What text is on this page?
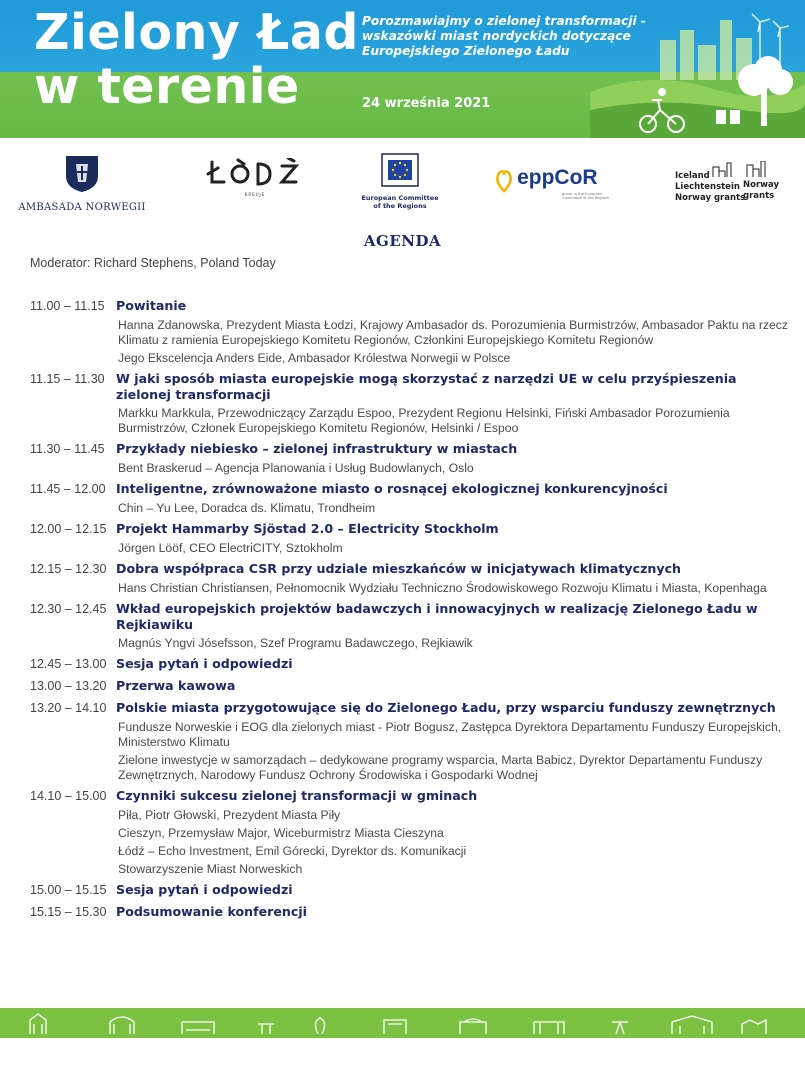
Zielony Ład
w terenie
Porozmawiajmy o zielonej transformacji -
wskazówki miast nordyckich dotyczące
Europejskiego Zielonego Ładu
24 września 2021
AMBASADA NORWEGII
KREUJE	European Committee
of the Regions
eppCoR
group in the European Committee of the Regions
Iceland
Liechtenstein
Norway grants
Norway
grants
AGENDA
Moderator: Richard Stephens, Poland Today
11.00 – 11.15 Powitanie
Hanna Zdanowska, Prezydent Miasta Łodzi, Krajowy Ambasador ds. Porozumienia Burmistrzów, Ambasador Paktu na rzecz Klimatu z ramienia Europejskiego Komitetu Regionów, Członkini Europejskiego Komitetu Regionów
Jego Ekscelencja Anders Eide, Ambasador Królestwa Norwegii w Polsce
11.15 – 11.30 W jaki sposób miasta europejskie mogą skorzystać z narzędzi UE w celu przyśpieszenia zielonej transformacji
Markku Markkula, Przewodniczący Zarządu Espoo, Prezydent Regionu Helsinki, Fiński Ambasador Porozumienia Burmistrzów, Członek Europejskiego Komitetu Regionów, Helsinki / Espoo
11.30 – 11.45 Przykłady niebiesko – zielonej infrastruktury w miastach
Bent Braskerud – Agencja Planowania i Usług Budowlanych, Oslo
11.45 – 12.00 Inteligentne, zrównoważone miasto o rosnącej ekologicznej konkurencyjności
Chin – Yu Lee, Doradca ds. Klimatu, Trondheim
12.00 – 12.15 Projekt Hammarby Sjöstad 2.0 – Electricity Stockholm
Jörgen Lööf, CEO ElectriCITY, Sztokholm
12.15 – 12.30 Dobra współpraca CSR przy udziale mieszkańców w inicjatywach klimatycznych
Hans Christian Christiansen, Pełnomocnik Wydziału Techniczno Środowiskowego Rozwoju Klimatu i Miasta, Kopenhaga
12.30 – 12.45 Wkład europejskich projektów badawczych i innowacyjnych w realizację Zielonego Ładu w Rejkiawiku
Magnús Yngvi Jósefsson, Szef Programu Badawczego, Rejkiawik
12.45 – 13.00 Sesja pytań i odpowiedzi
13.00 – 13.20 Przerwa kawowa
13.20 – 14.10 Polskie miasta przygotowujące się do Zielonego Ładu, przy wsparciu funduszy zewnętrznych
Fundusze Norweskie i EOG dla zielonych miast - Piotr Bogusz, Zastępca Dyrektora Departamentu Funduszy Europejskich, Ministerstwo Klimatu
Zielone inwestycje w samorządach – dedykowane programy wsparcia, Marta Babicz, Dyrektor Departamentu Funduszy Zewnętrznych, Narodowy Fundusz Ochrony Środowiska i Gospodarki Wodnej
14.10 – 15.00 Czynniki sukcesu zielonej transformacji w gminach
Piła, Piotr Głowski, Prezydent Miasta Piły
Cieszyn, Przemysław Major, Wiceburmistrz Miasta Cieszyna
Łódź – Echo Investment, Emil Górecki, Dyrektor ds. Komunikacji
Stowarzyszenie Miast Norweskich
15.00 – 15.15 Sesja pytań i odpowiedzi
15.15 – 15.30 Podsumowanie konferencji
